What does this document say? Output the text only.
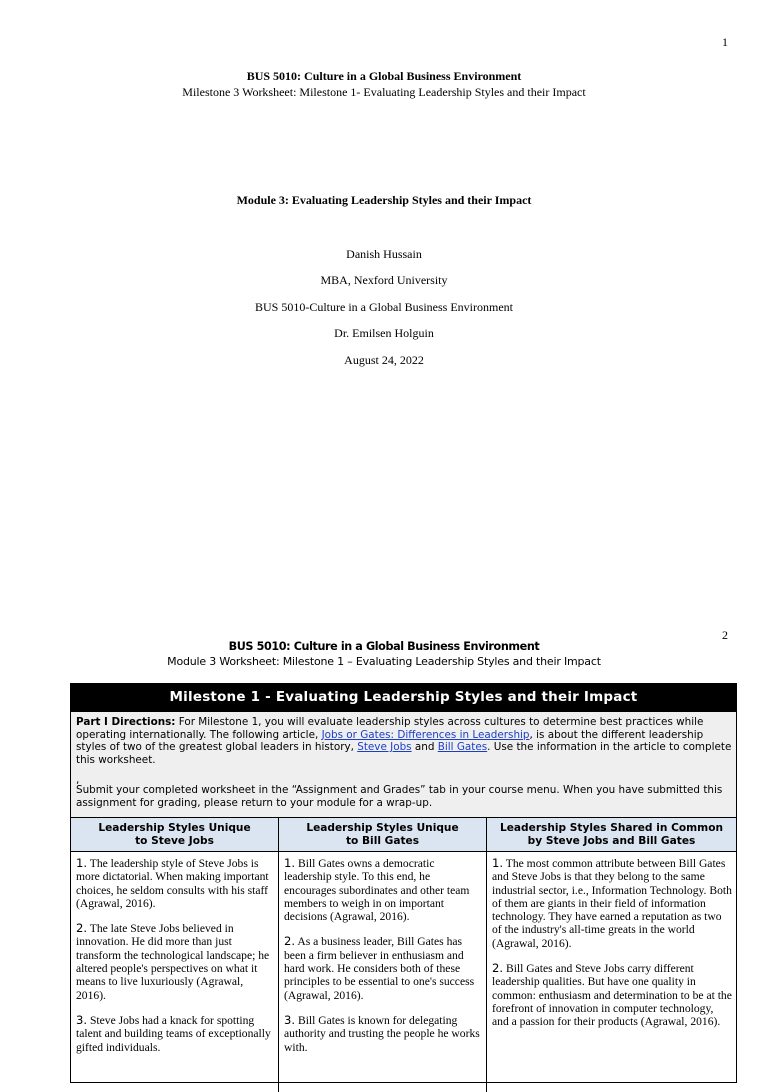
1
BUS 5010: Culture in a Global Business Environment
Milestone 3 Worksheet: Milestone 1- Evaluating Leadership Styles and their Impact
Module 3: Evaluating Leadership Styles and their Impact
Danish Hussain
MBA, Nexford University
BUS 5010-Culture in a Global Business Environment
Dr. Emilsen Holguin
August 24, 2022
2
BUS 5010: Culture in a Global Business Environment
Module 3 Worksheet: Milestone 1 – Evaluating Leadership Styles and their Impact
Milestone 1 - Evaluating Leadership Styles and their Impact
Part I Directions: For Milestone 1, you will evaluate leadership styles across cultures to determine best practices while operating internationally. The following article, Jobs or Gates: Differences in Leadership, is about the different leadership styles of two of the greatest global leaders in history, Steve Jobs and Bill Gates. Use the information in the article to complete this worksheet.
,
Submit your completed worksheet in the “Assignment and Grades” tab in your course menu. When you have submitted this assignment for grading, please return to your module for a wrap-up.
Leadership Styles Unique
to Steve Jobs
Leadership Styles Unique
to Bill Gates
Leadership Styles Shared in Common
by Steve Jobs and Bill Gates

1. The leadership style of Steve Jobs is more dictatorial. When making important choices, he seldom consults with his staff (Agrawal, 2016).

2. The late Steve Jobs believed in innovation. He did more than just transform the technological landscape; he altered people's perspectives on what it means to live luxuriously (Agrawal, 2016).

3. Steve Jobs had a knack for spotting talent and building teams of exceptionally gifted individuals.

1. Bill Gates owns a democratic leadership style. To this end, he encourages subordinates and other team members to weigh in on important decisions (Agrawal, 2016).

2. As a business leader, Bill Gates has been a firm believer in enthusiasm and hard work. He considers both of these principles to be essential to one's success (Agrawal, 2016).

3. Bill Gates is known for delegating authority and trusting the people he works with.

1. The most common attribute between Bill Gates and Steve Jobs is that they belong to the same industrial sector, i.e., Information Technology. Both of them are giants in their field of information technology. They have earned a reputation as two of the industry's all-time greats in the world (Agrawal, 2016).

2. Bill Gates and Steve Jobs carry different leadership qualities. But have one quality in common: enthusiasm and determination to be at the forefront of innovation in computer technology, and a passion for their products (Agrawal, 2016).
